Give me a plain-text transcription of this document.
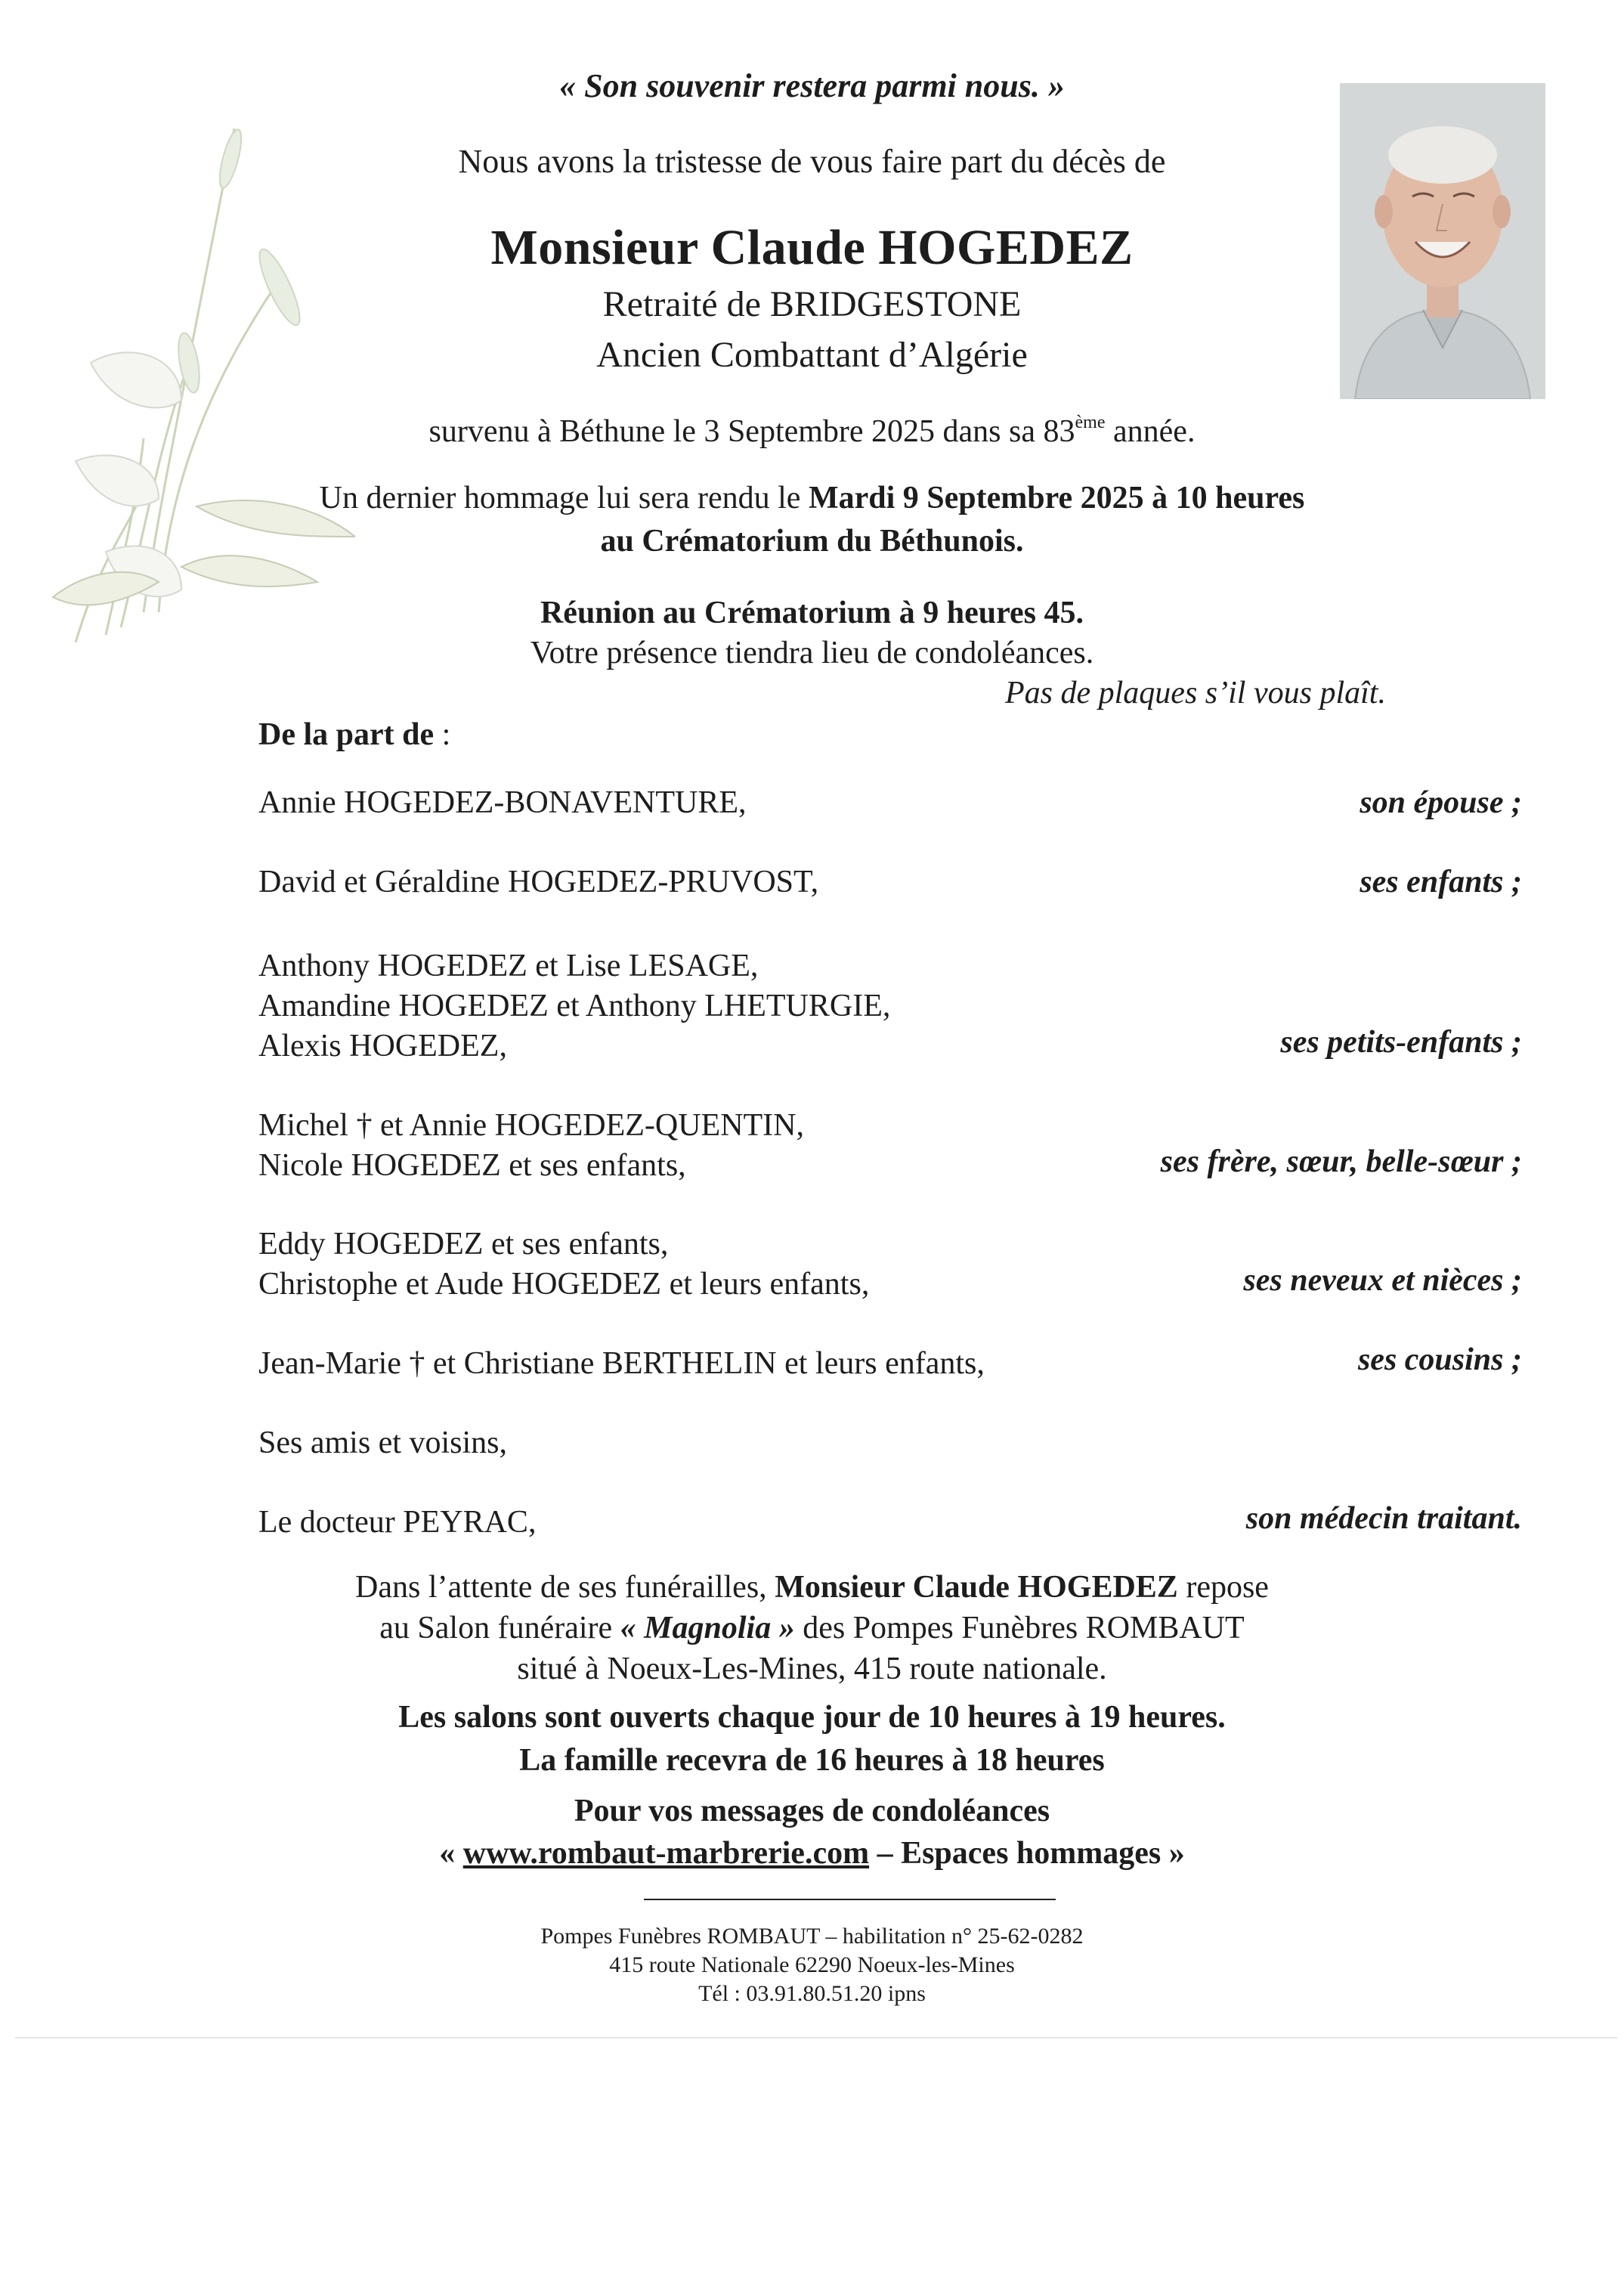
« Son souvenir restera parmi nous. »
Nous avons la tristesse de vous faire part du décès de
Monsieur Claude HOGEDEZ
Retraité de BRIDGESTONE
Ancien Combattant d’Algérie
survenu à Béthune le 3 Septembre 2025 dans sa 83ème année.
Un dernier hommage lui sera rendu le Mardi 9 Septembre 2025 à 10 heures
au Crématorium du Béthunois.
Réunion au Crématorium à 9 heures 45.
Votre présence tiendra lieu de condoléances.
Pas de plaques s’il vous plaît.
De la part de :
Annie HOGEDEZ-BONAVENTURE,	son épouse ;
David et Géraldine HOGEDEZ-PRUVOST,	ses enfants ;
Anthony HOGEDEZ et Lise LESAGE,
Amandine HOGEDEZ et Anthony LHETURGIE,
Alexis HOGEDEZ,	ses petits-enfants ;
Michel † et Annie HOGEDEZ-QUENTIN,
Nicole HOGEDEZ et ses enfants,	ses frère, sœur, belle-sœur ;
Eddy HOGEDEZ et ses enfants,
Christophe et Aude HOGEDEZ et leurs enfants,	ses neveux et nièces ;
Jean-Marie † et Christiane BERTHELIN et leurs enfants,	ses cousins ;
Ses amis et voisins,
Le docteur PEYRAC,	son médecin traitant.
Dans l’attente de ses funérailles, Monsieur Claude HOGEDEZ repose
au Salon funéraire « Magnolia » des Pompes Funèbres ROMBAUT
situé à Noeux-Les-Mines, 415 route nationale.
Les salons sont ouverts chaque jour de 10 heures à 19 heures.
La famille recevra de 16 heures à 18 heures
Pour vos messages de condoléances
« www.rombaut-marbrerie.com – Espaces hommages »
Pompes Funèbres ROMBAUT – habilitation n° 25-62-0282
415 route Nationale 62290 Noeux-les-Mines
Tél : 03.91.80.51.20 ipns
